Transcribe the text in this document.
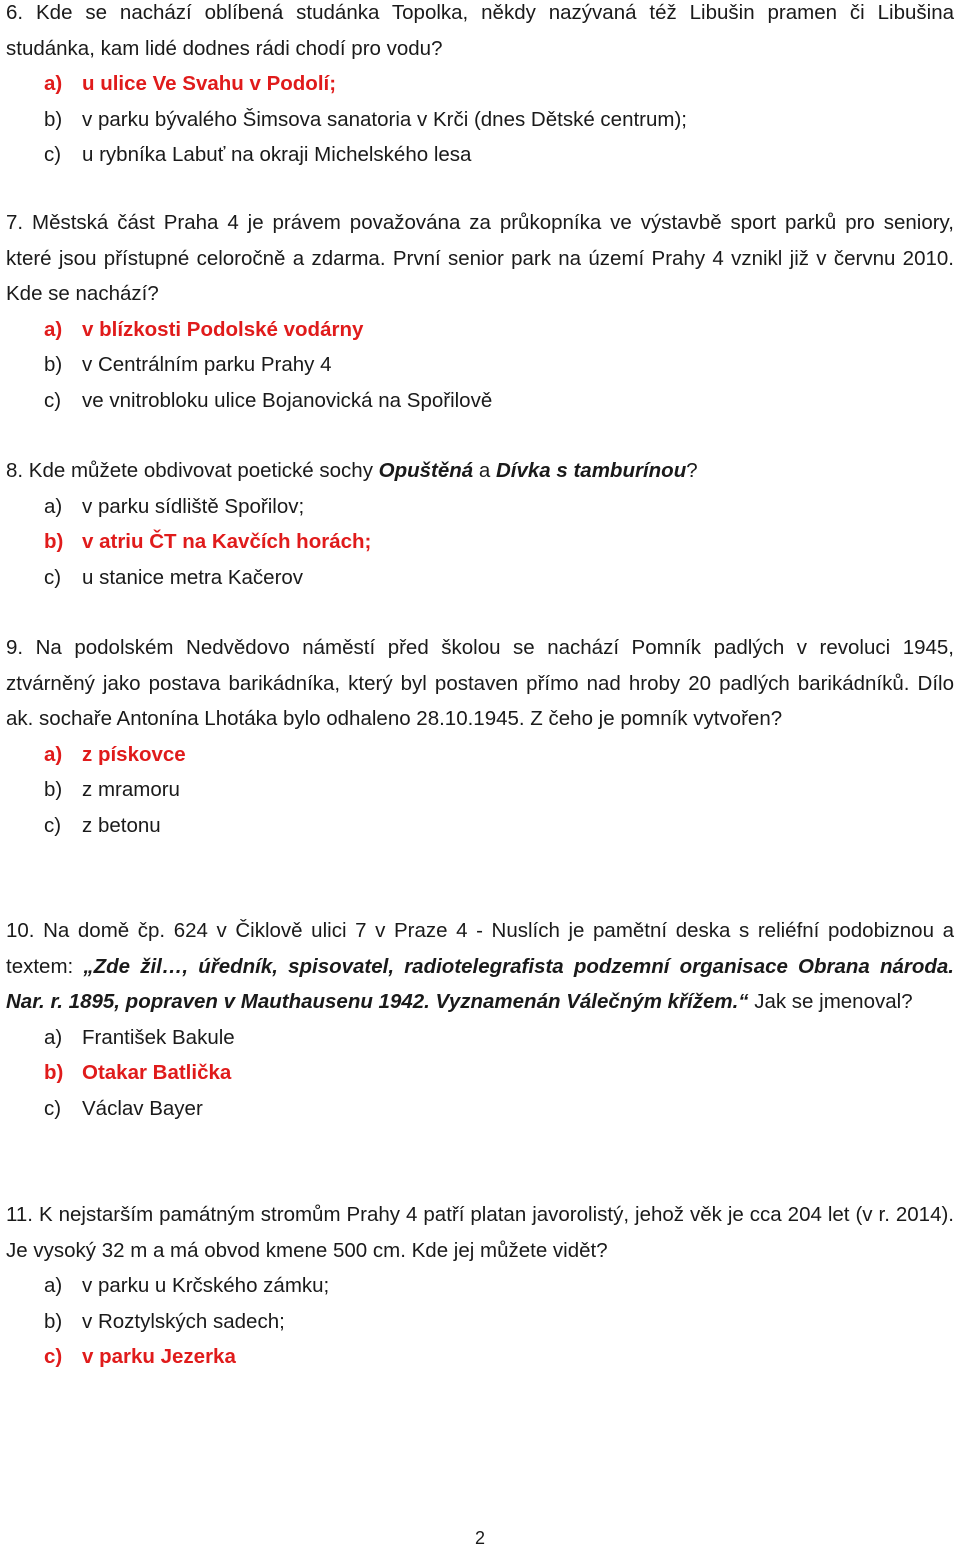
6. Kde se nachází oblíbená studánka Topolka, někdy nazývaná též Libušin pramen či Libušina studánka, kam lidé dodnes rádi chodí pro vodu?
a) u ulice Ve Svahu v Podolí;
b) v parku bývalého Šimsova sanatoria v Krči (dnes Dětské centrum);
c) u rybníka Labuť na okraji Michelského lesa
7. Městská část Praha 4 je právem považována za průkopníka ve výstavbě sport parků pro seniory, které jsou přístupné celoročně a zdarma. První senior park na území Prahy 4 vznikl již v červnu 2010. Kde se nachází?
a) v blízkosti Podolské vodárny
b) v Centrálním parku Prahy 4
c) ve vnitrobloku ulice Bojanovická na Spořilově
8. Kde můžete obdivovat poetické sochy Opuštěná a Dívka s tamburínou?
a) v parku sídliště Spořilov;
b) v atriu ČT na Kavčích horách;
c) u stanice metra Kačerov
9. Na podolském Nedvědovo náměstí před školou se nachází Pomník padlých v revoluci 1945, ztvárněný jako postava barikádníka, který byl postaven přímo nad hroby 20 padlých barikádníků. Dílo ak. sochaře Antonína Lhotáka bylo odhaleno 28.10.1945. Z čeho je pomník vytvořen?
a) z pískovce
b) z mramoru
c) z betonu
10. Na domě čp. 624 v Čiklově ulici 7 v Praze 4 - Nuslích je pamětní deska s reliéfní podobiznou a textem: „Zde žil…, úředník, spisovatel, radiotelegrafista podzemní organisace Obrana národa. Nar. r. 1895, popraven v Mauthausenu 1942. Vyznamenán Válečným křížem.“ Jak se jmenoval?
a) František Bakule
b) Otakar Batlička
c) Václav Bayer
11. K nejstarším památným stromům Prahy 4 patří platan javorolistý, jehož věk je cca 204 let (v r. 2014). Je vysoký 32 m a má obvod kmene 500 cm. Kde jej můžete vidět?
a) v parku u Krčského zámku;
b) v Roztylských sadech;
c) v parku Jezerka
2
